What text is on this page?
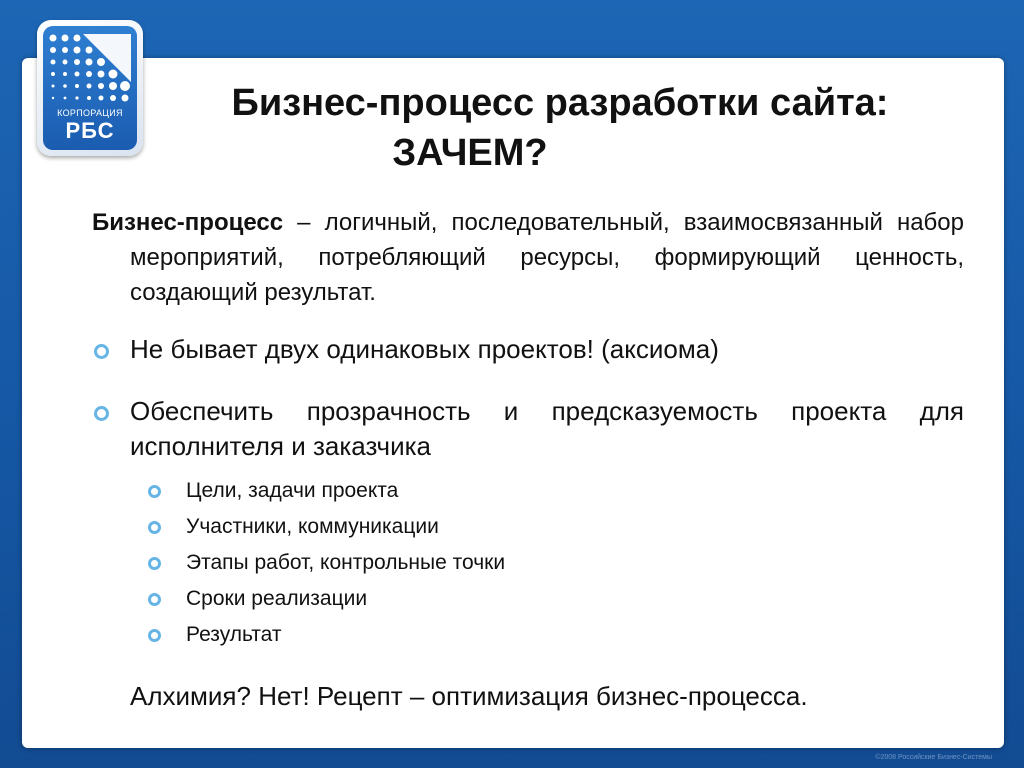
КОРПОРАЦИЯ
РБС
Бизнес-процесс разработки сайта:
ЗАЧЕМ?
Бизнес-процесс – логичный, последовательный, взаимосвязанный набор мероприятий, потребляющий ресурсы, формирующий ценность, создающий результат.
Не бывает двух одинаковых проектов! (аксиома)
Обеспечить прозрачность и предсказуемость проекта для исполнителя и заказчика
Цели, задачи проекта
Участники, коммуникации
Этапы работ, контрольные точки
Сроки реализации
Результат
Алхимия? Нет! Рецепт – оптимизация бизнес-процесса.
©2008 Российские Бизнес-Системы
